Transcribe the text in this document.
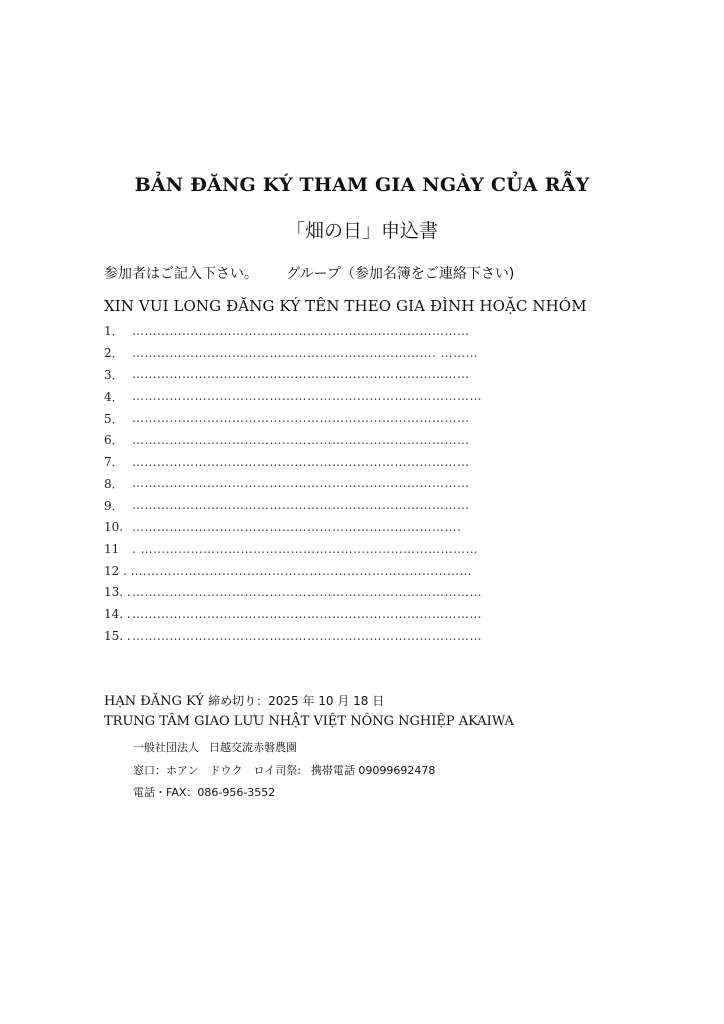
BẢN ĐĂNG KÝ THAM GIA NGÀY CỦA RẪY
「畑の日」申込書
参加者はご記入下さい。 グループ（参加名簿をご連絡下さい)
XIN VUI LONG ĐĂNG KÝ TÊN THEO GIA ĐÌNH HOẶC NHÓM
1． ………………………………………………………………………
2． ………………………………………………………………. ………
3． ………………………………………………………………………
4． …………………………………………………………………………
5． ………………………………………………………………………
6． ………………………………………………………………………
7． ………………………………………………………………………
8． ………………………………………………………………………
9． ………………………………………………………………………
10. …………………………………………………………………….
11	. ………………………………………………………………………
12 . . ………………………………………………………………………
13. . …………………………………………………………………………
14. . …………………………………………………………………………
15. . …………………………………………………………………………
HẠN ĐĂNG KÝ 締め切り：2025 年 10 月 18 日
TRUNG TÂM GIAO LƯU NHẬT VIỆT NÔNG NGHIỆP AKAIWA
一般社団法人 日越交流赤磐農園
窓口：ホアン　ドウク　ロイ司祭: 携帯電話 09099692478
電話・FAX：086-956-3552
